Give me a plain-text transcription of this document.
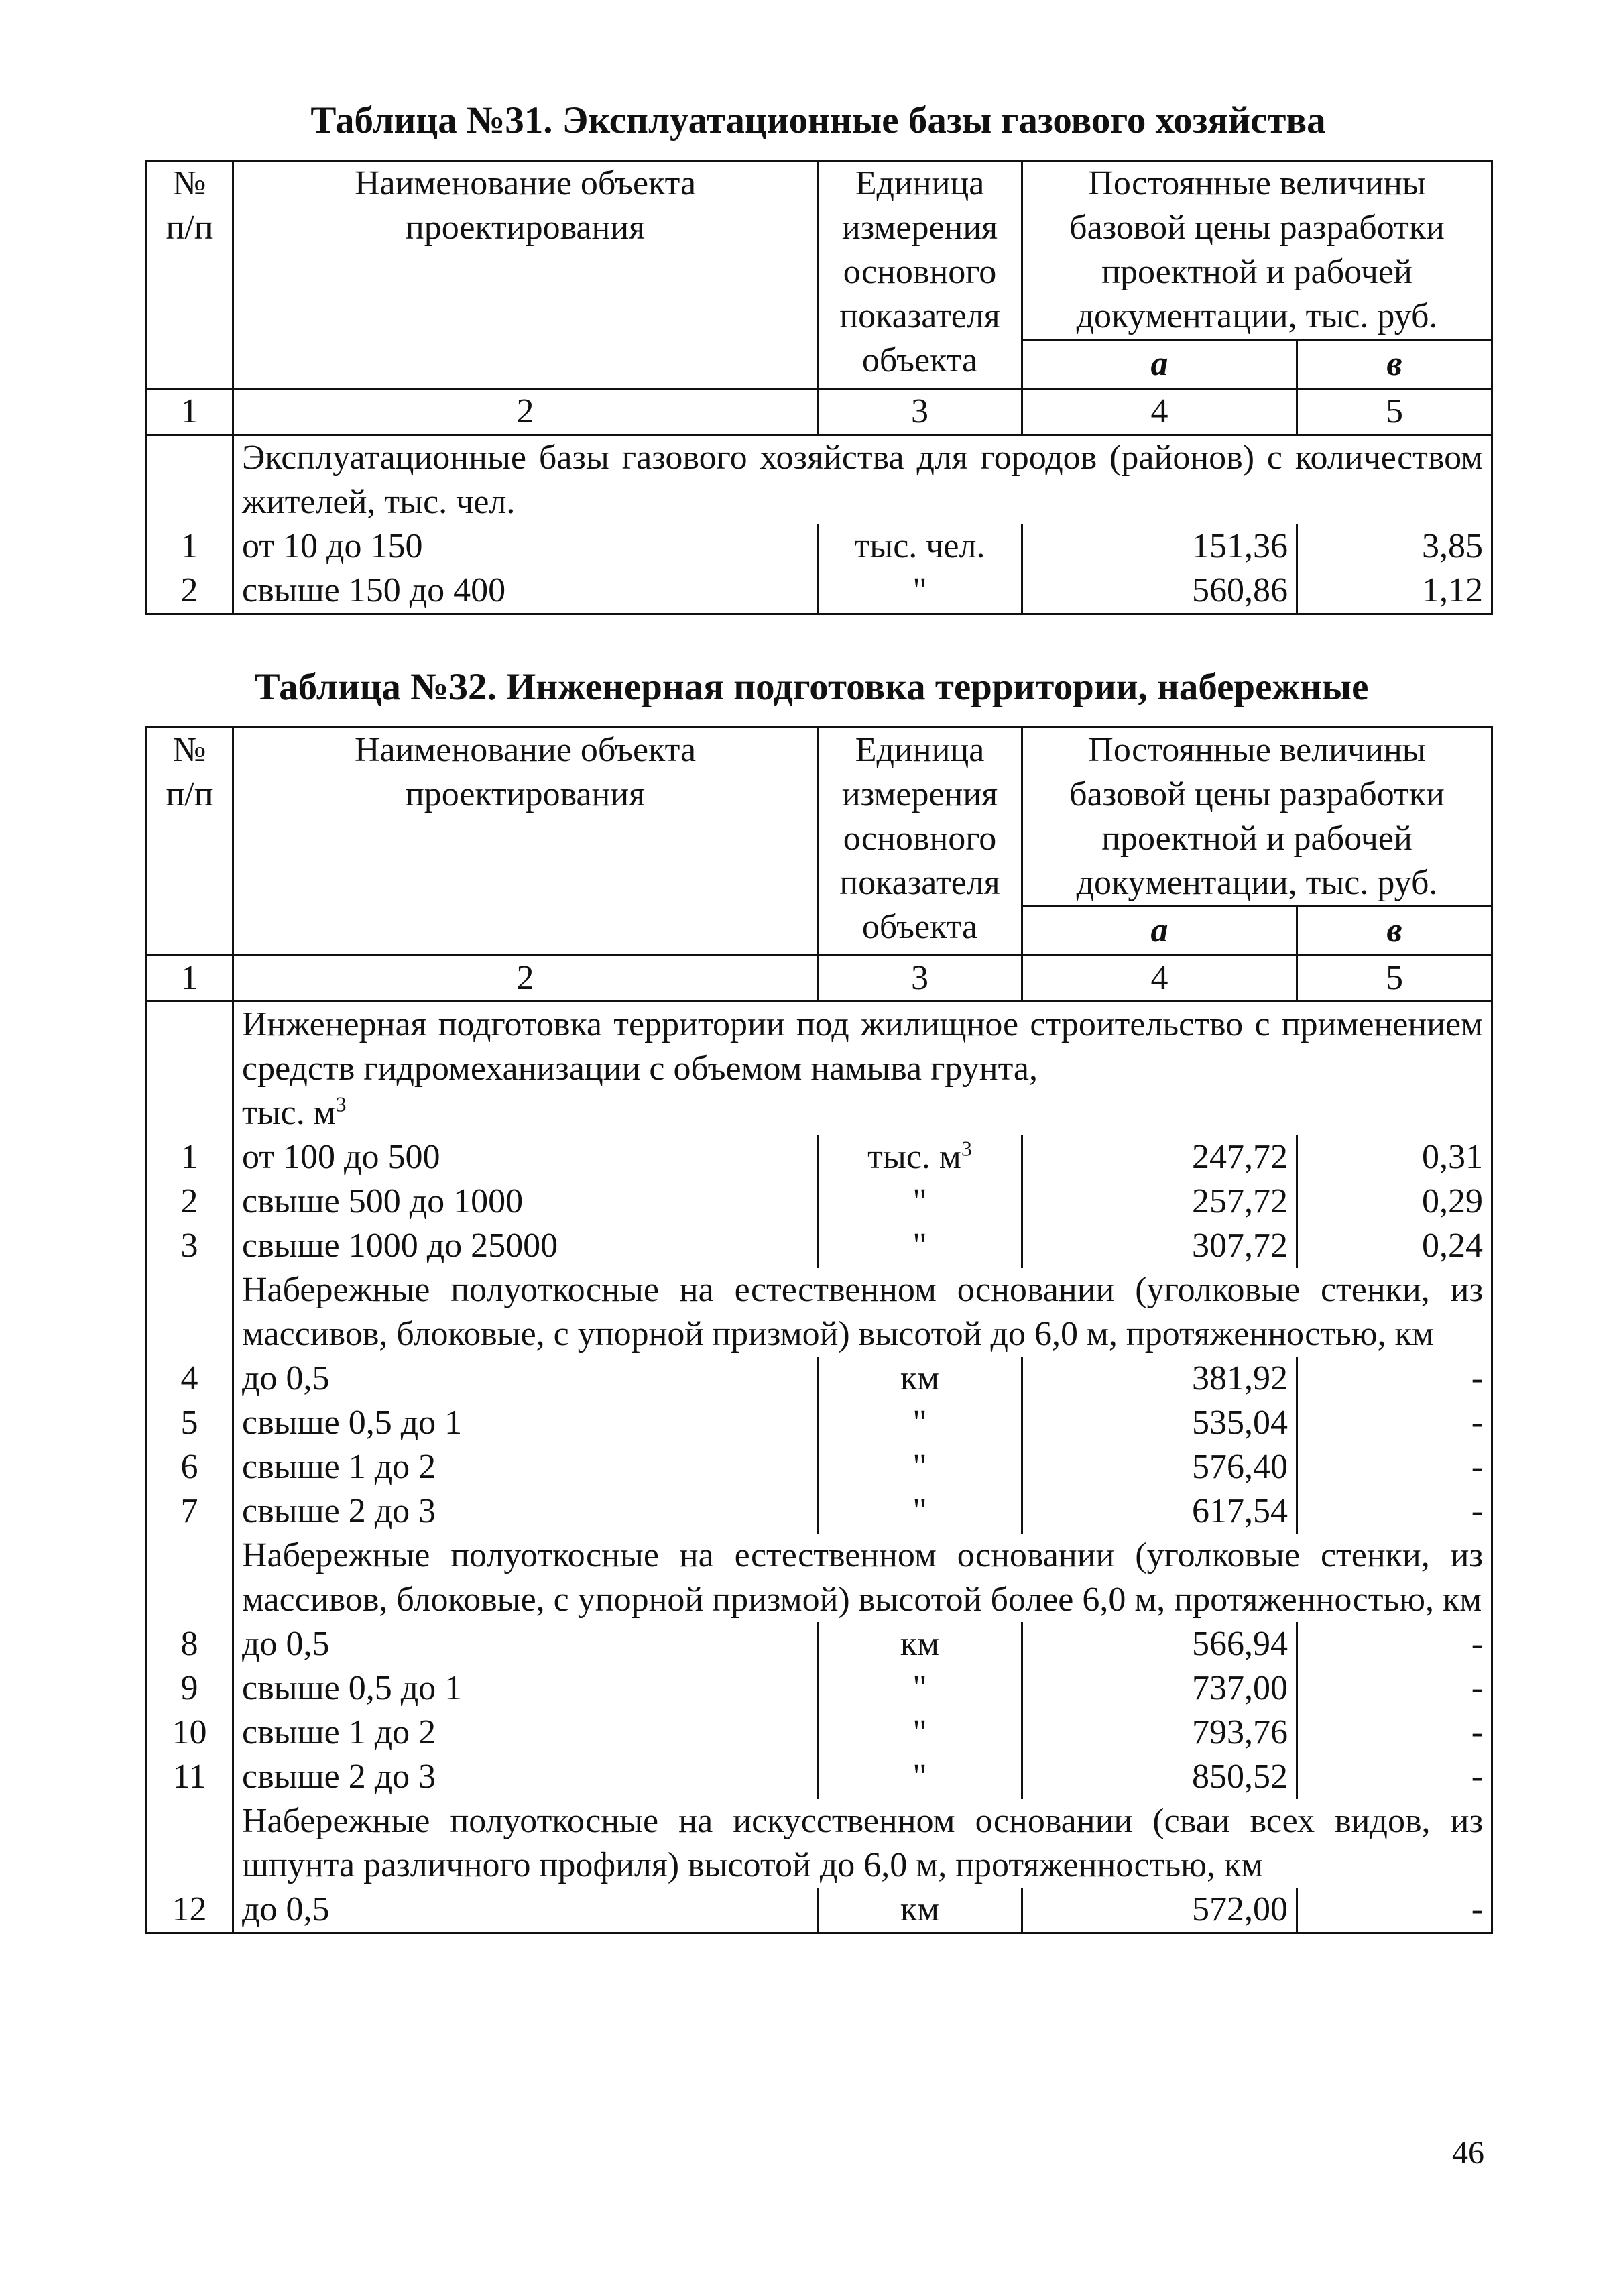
Таблица №31. Эксплуатационные базы газового хозяйства
№ п/п	Наименование объекта проектирования	Единица измерения основного показателя объекта	Постоянные величины базовой цены разработки проектной и рабочей документации, тыс. руб.	
			а	в
1	2	3	4	5
	Эксплуатационные базы газового хозяйства для городов (районов) с количеством жителей, тыс. чел.			
1	от 10 до 150	тыс. чел.	151,36	3,85
2	свыше 150 до 400	"	560,86	1,12
Таблица №32. Инженерная подготовка территории, набережные
№ п/п	Наименование объекта проектирования	Единица измерения основного показателя объекта	Постоянные величины базовой цены разработки проектной и рабочей документации, тыс. руб.	
			а	в
1	2	3	4	5
	Инженерная подготовка территории под жилищное строительство с применением средств гидромеханизации с объемом намыва грунта,
тыс. $м^3$
1	от 100 до 500	тыс. $м^3$	247,72	0,31
2	свыше 500 до 1000	"	257,72	0,29
3	свыше 1000 до 25000	"	307,72	0,24
	Набережные полуоткосные на естественном основании (уголковые стенки, из массивов, блоковые, с упорной призмой) высотой до 6,0 м, протяженностью, км			
4	до 0,5	км	381,92	-
5	свыше 0,5 до 1	"	535,04	-
6	свыше 1 до 2	"	576,40	-
7	свыше 2 до 3	"	617,54	-
	Набережные полуоткосные на естественном основании (уголковые стенки, из массивов, блоковые, с упорной призмой) высотой более 6,0 м, протяженностью, км			
8	до 0,5	км	566,94	-
9	свыше 0,5 до 1	"	737,00	-
10	свыше 1 до 2	"	793,76	-
11	свыше 2 до 3	"	850,52	-
	Набережные полуоткосные на искусственном основании (сваи всех видов, из шпунта различного профиля) высотой до 6,0 м, протяженностью, км			
12	до 0,5	км	572,00	-
46
